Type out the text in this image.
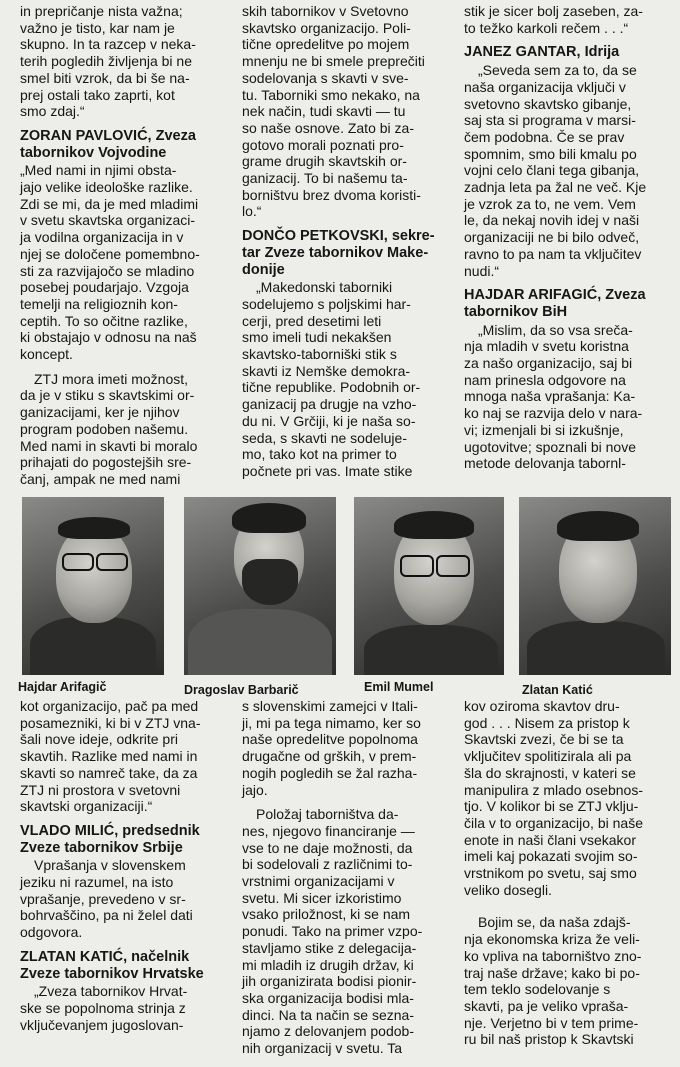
in prepričanje nista važna;
važno je tisto, kar nam je
skupno. In ta razcep v neka-
terih pogledih življenja bi ne
smel biti vzrok, da bi še na-
prej ostali tako zaprti, kot
smo zdaj.“

ZORAN PAVLOVIĆ, Zveza
tabornikov Vojvodine

„Med nami in njimi obsta-
jajo velike ideološke razlike.
Zdi se mi, da je med mladimi
v svetu skavtska organizaci-
ja vodilna organizacija in v
njej se določene pomembno-
sti za razvijajočo se mladino
posebej poudarjajo. Vzgoja
temelji na religioznih kon-
ceptih. To so očitne razlike,
ki obstajajo v odnosu na naš
koncept.

ZTJ mora imeti možnost,
da je v stiku s skavtskimi or-
ganizacijami, ker je njihov
program podoben našemu.
Med nami in skavti bi moralo
prihajati do pogostejših sre-
čanj, ampak ne med nami

skih tabornikov v Svetovno
skavtsko organizacijo. Poli-
tične opredelitve po mojem
mnenju ne bi smele preprečiti
sodelovanja s skavti v sve-
tu. Taborniki smo nekako, na
nek način, tudi skavti — tu
so naše osnove. Zato bi za-
gotovo morali poznati pro-
grame drugih skavtskih or-
ganizacij. To bi našemu ta-
borništvu brez dvoma koristi-
lo.“

DONČO PETKOVSKI, sekre-
tar Zveze tabornikov Make-
donije

„Makedonski taborniki
sodelujemo s poljskimi har-
cerji, pred desetimi leti
smo imeli tudi nekakšen
skavtsko-taborniški stik s
skavti iz Nemške demokra-
tične republike. Podobnih or-
ganizacij pa drugje na vzho-
du ni. V Grčiji, ki je naša so-
seda, s skavti ne sodeluje-
mo, tako kot na primer to
počnete pri vas. Imate stike

stik je sicer bolj zaseben, za-
to težko karkoli rečem . . .“

JANEZ GANTAR, Idrija

„Seveda sem za to, da se
naša organizacija vključi v
svetovno skavtsko gibanje,
saj sta si programa v marsi-
čem podobna. Če se prav
spomnim, smo bili kmalu po
vojni celo člani tega gibanja,
zadnja leta pa žal ne več. Kje
je vzrok za to, ne vem. Vem
le, da nekaj novih idej v naši
organizaciji ne bi bilo odveč,
ravno to pa nam ta vključitev
nudi.“

HAJDAR ARIFAGIĆ, Zveza
tabornikov BiH

„Mislim, da so vsa sreča-
nja mladih v svetu koristna
za našo organizacijo, saj bi
nam prinesla odgovore na
mnoga naša vprašanja: Ka-
ko naj se razvija delo v nara-
vi; izmenjali bi si izkušnje,
ugotovitve; spoznali bi nove
metode delovanja tabornl-

Hajdar Arifagič	Dragoslav Barbarič	Emil Mumel	Zlatan Katić

kot organizacijo, pač pa med
posamezniki, ki bi v ZTJ vna-
šali nove ideje, odkrite pri
skavtih. Razlike med nami in
skavti so namreč take, da za
ZTJ ni prostora v svetovni
skavtski organizaciji.“

VLADO MILIĆ, predsednik
Zveze tabornikov Srbije

Vprašanja v slovenskem
jeziku ni razumel, na isto
vprašanje, prevedeno v sr-
bohrvaščino, pa ni želel dati
odgovora.

ZLATAN KATIĆ, načelnik
Zveze tabornikov Hrvatske

„Zveza tabornikov Hrvat-
ske se popolnoma strinja z
vključevanjem jugoslovan-

s slovenskimi zamejci v Itali-
ji, mi pa tega nimamo, ker so
naše opredelitve popolnoma
drugačne od grških, v prem-
nogih pogledih se žal razha-
jajo.

Položaj taborništva da-
nes, njegovo financiranje —
vse to ne daje možnosti, da
bi sodelovali z različnimi to-
vrstnimi organizacijami v
svetu. Mi sicer izkoristimo
vsako priložnost, ki se nam
ponudi. Tako na primer vzpo-
stavljamo stike z delegacija-
mi mladih iz drugih držav, ki
jih organizirata bodisi pionir-
ska organizacija bodisi mla-
dinci. Na ta način se sezna-
njamo z delovanjem podob-
nih organizacij v svetu. Ta

kov oziroma skavtov dru-
god . . . Nisem za pristop k
Skavtski zvezi, če bi se ta
vključitev spolitizirala ali pa
šla do skrajnosti, v kateri se
manipulira z mlado osebnos-
tjo. V kolikor bi se ZTJ vklju-
čila v to organizacijo, bi naše
enote in naši člani vsekakor
imeli kaj pokazati svojim so-
vrstnikom po svetu, saj smo
veliko dosegli.

Bojim se, da naša zdajš-
nja ekonomska kriza že veli-
ko vpliva na taborništvo zno-
traj naše države; kako bi po-
tem teklo sodelovanje s
skavti, pa je veliko vpraša-
nje. Verjetno bi v tem prime-
ru bil naš pristop k Skavtski
